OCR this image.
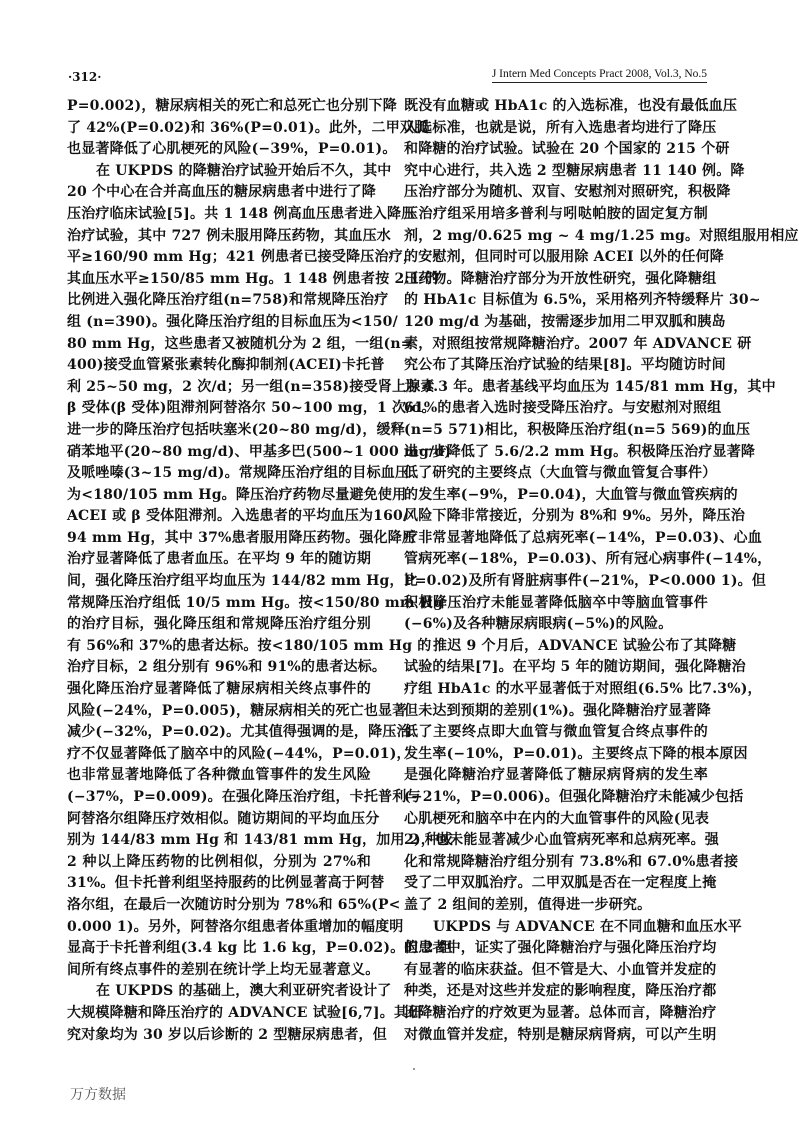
·312·	J Intern Med Concepts Pract 2008, Vol.3, No.5
P=0.002)，糖尿病相关的死亡和总死亡也分别下降
了 42%(P=0.02)和 36%(P=0.01)。此外，二甲双胍
也显著降低了心肌梗死的风险(−39%，P=0.01)。
在 UKPDS 的降糖治疗试验开始后不久，其中
20 个中心在合并高血压的糖尿病患者中进行了降
压治疗临床试验[5]。共 1 148 例高血压患者进入降压
治疗试验，其中 727 例未服用降压药物，其血压水
平≥160/90 mm Hg；421 例患者已接受降压治疗，
其血压水平≥150/85 mm Hg。1 148 例患者按 2:1 的
比例进入强化降压治疗组(n=758)和常规降压治疗
组 (n=390)。强化降压治疗组的目标血压为<150/
80 mm Hg，这些患者又被随机分为 2 组，一组(n=
400)接受血管紧张素转化酶抑制剂(ACEI)卡托普
利 25~50 mg，2 次/d；另一组(n=358)接受肾上腺素
β 受体(β 受体)阻滞剂阿替洛尔 50~100 mg，1 次/d。
进一步的降压治疗包括呋塞米(20~80 mg/d)，缓释
硝苯地平(20~80 mg/d)、甲基多巴(500~1 000 mg/d)
及哌唑嗪(3~15 mg/d)。常规降压治疗组的目标血压
为<180/105 mm Hg。降压治疗药物尽量避免使用
ACEI 或 β 受体阻滞剂。入选患者的平均血压为160/
94 mm Hg，其中 37%患者服用降压药物。强化降压
治疗显著降低了患者血压。在平均 9 年的随访期
间，强化降压治疗组平均血压为 144/82 mm Hg，比
常规降压治疗组低 10/5 mm Hg。按<150/80 mm Hg
的治疗目标，强化降压组和常规降压治疗组分别
有 56%和 37%的患者达标。按<180/105 mm Hg 的
治疗目标，2 组分别有 96%和 91%的患者达标。
强化降压治疗显著降低了糖尿病相关终点事件的
风险(−24%，P=0.005)，糖尿病相关的死亡也显著
减少(−32%，P=0.02)。尤其值得强调的是，降压治
疗不仅显著降低了脑卒中的风险(−44%，P=0.01)，
也非常显著地降低了各种微血管事件的发生风险
(−37%，P=0.009)。在强化降压治疗组，卡托普利与
阿替洛尔组降压疗效相似。随访期间的平均血压分
别为 144/83 mm Hg 和 143/81 mm Hg，加用 2 种或
2 种以上降压药物的比例相似，分别为 27%和
31%。但卡托普利组坚持服药的比例显著高于阿替
洛尔组，在最后一次随访时分别为 78%和 65%(P<
0.000 1)。另外，阿替洛尔组患者体重增加的幅度明
显高于卡托普利组(3.4 kg 比 1.6 kg，P=0.02)。但 2 组
间所有终点事件的差别在统计学上均无显著意义。
在 UKPDS 的基础上，澳大利亚研究者设计了
大规模降糖和降压治疗的 ADVANCE 试验[6,7]。其研
究对象均为 30 岁以后诊断的 2 型糖尿病患者，但
既没有血糖或 HbA1c 的入选标准，也没有最低血压
入选标准，也就是说，所有入选患者均进行了降压
和降糖的治疗试验。试验在 20 个国家的 215 个研
究中心进行，共入选 2 型糖尿病患者 11 140 例。降
压治疗部分为随机、双盲、安慰剂对照研究，积极降
压治疗组采用培多普利与吲哒帕胺的固定复方制
剂，2 mg/0.625 mg ~ 4 mg/1.25 mg。对照组服用相应
的安慰剂，但同时可以服用除 ACEI 以外的任何降
压药物。降糖治疗部分为开放性研究，强化降糖组
的 HbA1c 目标值为 6.5%，采用格列齐特缓释片 30~
120 mg/d 为基础，按需逐步加用二甲双胍和胰岛
素，对照组按常规降糖治疗。2007 年 ADVANCE 研
究公布了其降压治疗试验的结果[8]。平均随访时间
为 4.3 年。患者基线平均血压为 145/81 mm Hg，其中
61%的患者入选时接受降压治疗。与安慰剂对照组
(n=5 571)相比，积极降压治疗组(n=5 569)的血压
进一步降低了 5.6/2.2 mm Hg。积极降压治疗显著降
低了研究的主要终点（大血管与微血管复合事件）
的发生率(−9%，P=0.04)，大血管与微血管疾病的
风险下降非常接近，分别为 8%和 9%。另外，降压治
疗非常显著地降低了总病死率(−14%，P=0.03)、心血
管病死率(−18%，P=0.03)、所有冠心病事件(−14%，
P=0.02)及所有肾脏病事件(−21%，P<0.000 1)。但
积极降压治疗未能显著降低脑卒中等脑血管事件
(−6%)及各种糖尿病眼病(−5%)的风险。
推迟 9 个月后，ADVANCE 试验公布了其降糖
试验的结果[7]。在平均 5 年的随访期间，强化降糖治
疗组 HbA1c 的水平显著低于对照组(6.5% 比7.3%)，
但未达到预期的差别(1%)。强化降糖治疗显著降
低了主要终点即大血管与微血管复合终点事件的
发生率(−10%，P=0.01)。主要终点下降的根本原因
是强化降糖治疗显著降低了糖尿病肾病的发生率
(−21%，P=0.006)。但强化降糖治疗未能减少包括
心肌梗死和脑卒中在内的大血管事件的风险(见表
2)，也未能显著减少心血管病死率和总病死率。强
化和常规降糖治疗组分别有 73.8%和 67.0%患者接
受了二甲双胍治疗。二甲双胍是否在一定程度上掩
盖了 2 组间的差别，值得进一步研究。
UKPDS 与 ADVANCE 在不同血糖和血压水平
的患者中，证实了强化降糖治疗与强化降压治疗均
有显著的临床获益。但不管是大、小血管并发症的
种类，还是对这些并发症的影响程度，降压治疗都
比降糖治疗的疗效更为显著。总体而言，降糖治疗
对微血管并发症，特别是糖尿病肾病，可以产生明
万方数据
